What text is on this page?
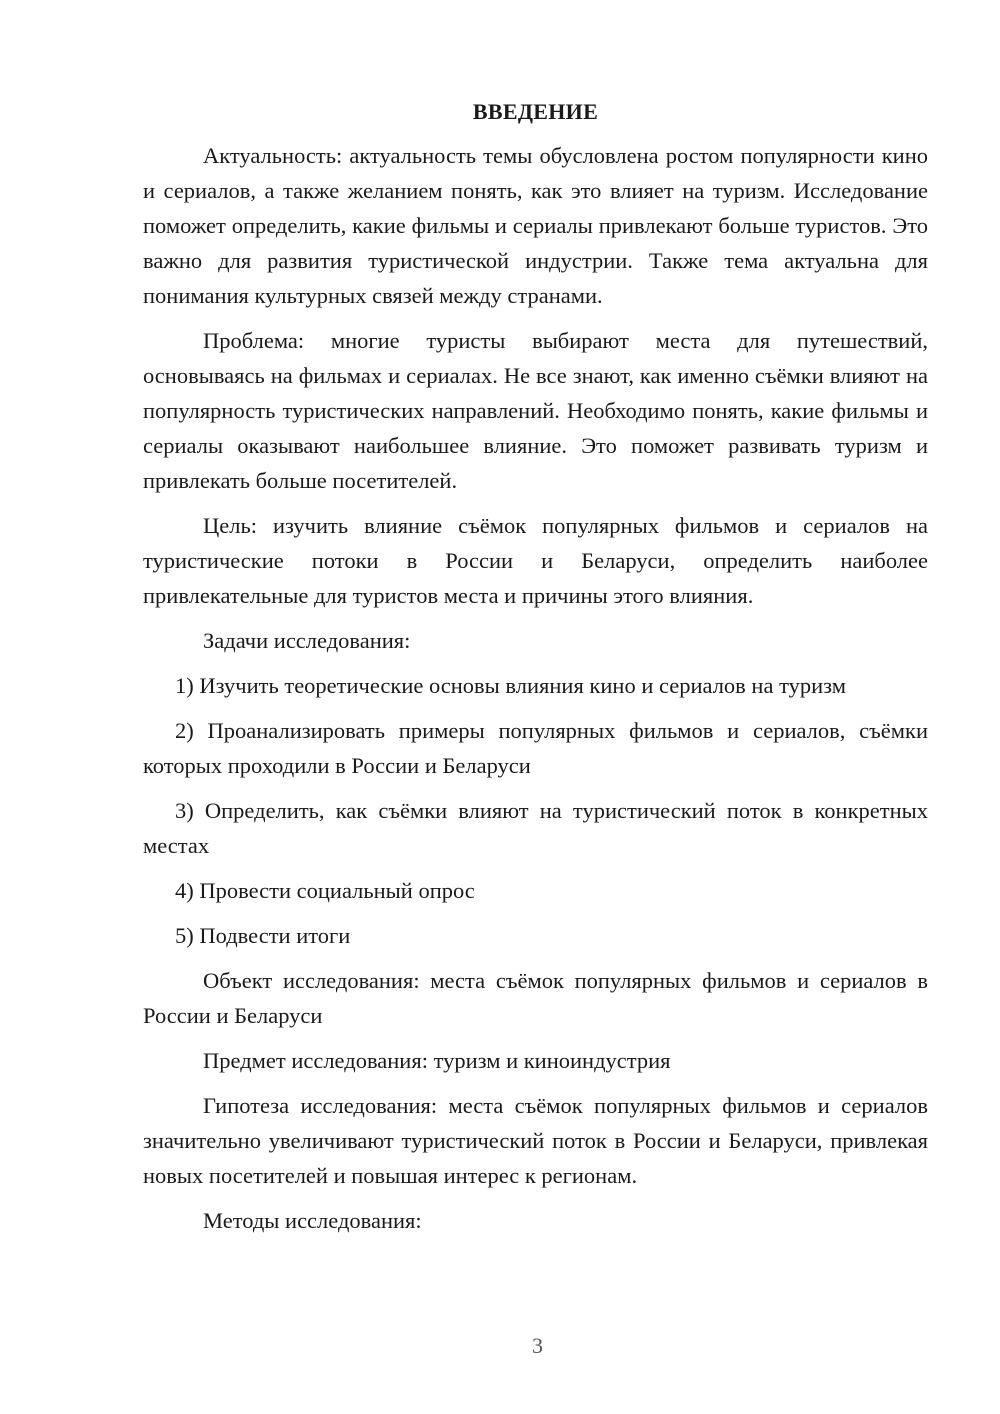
ВВЕДЕНИЕ

Актуальность: актуальность темы обусловлена ростом популярности кино и сериалов, а также желанием понять, как это влияет на туризм. Исследование поможет определить, какие фильмы и сериалы привлекают больше туристов. Это важно для развития туристической индустрии. Также тема актуальна для понимания культурных связей между странами.

Проблема: многие туристы выбирают места для путешествий, основываясь на фильмах и сериалах. Не все знают, как именно съёмки влияют на популярность туристических направлений. Необходимо понять, какие фильмы и сериалы оказывают наибольшее влияние. Это поможет развивать туризм и привлекать больше посетителей.

Цель: изучить влияние съёмок популярных фильмов и сериалов на туристические потоки в России и Беларуси, определить наиболее привлекательные для туристов места и причины этого влияния.

Задачи исследования:

1) Изучить теоретические основы влияния кино и сериалов на туризм

2) Проанализировать примеры популярных фильмов и сериалов, съёмки которых проходили в России и Беларуси

3) Определить, как съёмки влияют на туристический поток в конкретных местах

4) Провести социальный опрос

5) Подвести итоги

Объект исследования: места съёмок популярных фильмов и сериалов в России и Беларуси

Предмет исследования: туризм и киноиндустрия

Гипотеза исследования: места съёмок популярных фильмов и сериалов значительно увеличивают туристический поток в России и Беларуси, привлекая новых посетителей и повышая интерес к регионам.

Методы исследования:

3
